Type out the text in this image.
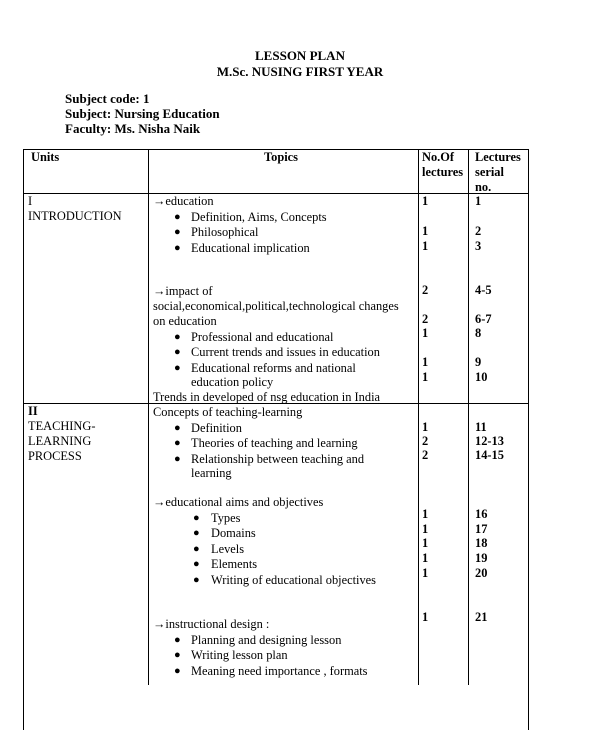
LESSON PLAN
M.Sc. NUSING FIRST YEAR
Subject code: 1
Subject: Nursing Education
Faculty: Ms. Nisha Naik
Units	Topics	No.Of
lectures
Lectures
serial
no.
I
INTRODUCTION
→education
● Definition, Aims, Concepts
● Philosophical
● Educational implication
→impact of
social,economical,political,technological changes
on education
● Professional and educational
● Current trends and issues in education
● Educational reforms and national
education policy
Trends in developed of nsg education in India
1
1
1
2
2
1
1
1
1
2
3
4-5
6-7
8
9
10
II
TEACHING-
LEARNING
PROCESS
Concepts of teaching-learning
● Definition
● Theories of teaching and learning
● Relationship between teaching and
learning
→educational aims and objectives
● Types
● Domains
● Levels
● Elements
● Writing of educational objectives
→instructional design :
● Planning and designing lesson
● Writing lesson plan
● Meaning need importance , formats
1
2
2
1
1
1
1
1
1
11
12-13
14-15
16
17
18
19
20
21
